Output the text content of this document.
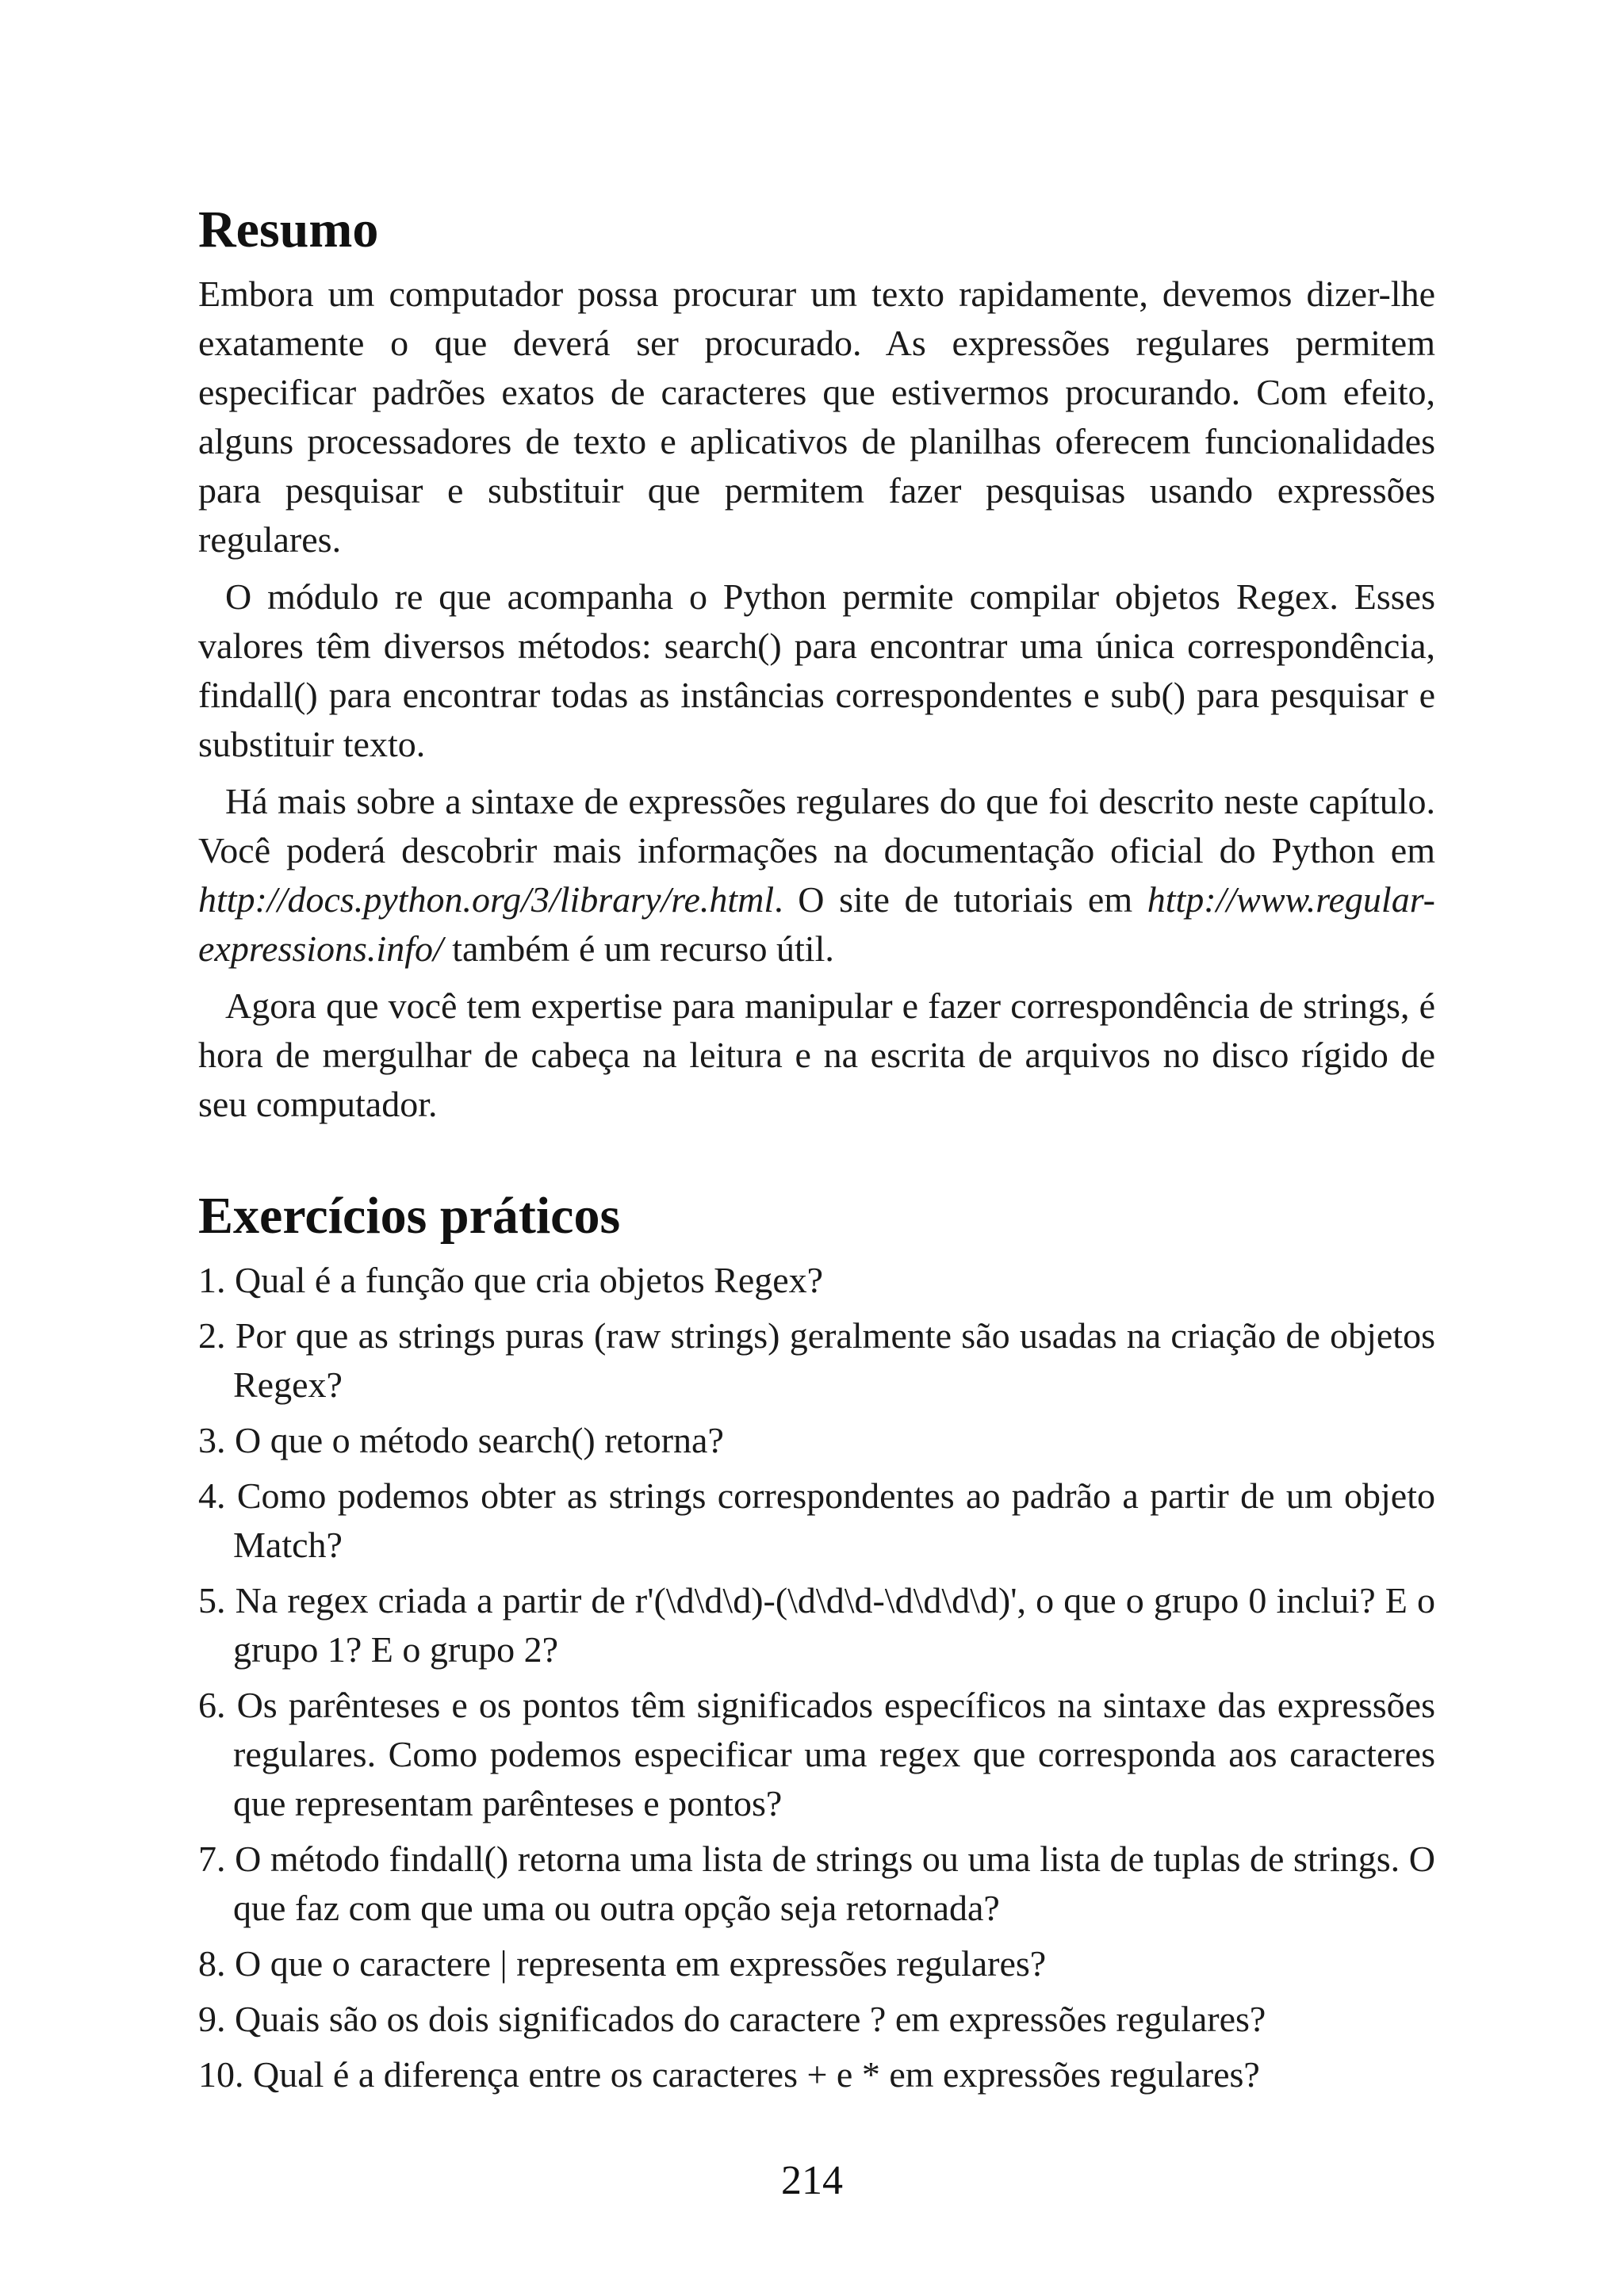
Resumo

Embora um computador possa procurar um texto rapidamente, devemos dizer-lhe exatamente o que deverá ser procurado. As expressões regulares permitem especificar padrões exatos de caracteres que estivermos procurando. Com efeito, alguns processadores de texto e aplicativos de planilhas oferecem funcionalidades para pesquisar e substituir que permitem fazer pesquisas usando expressões regulares.

O módulo re que acompanha o Python permite compilar objetos Regex. Esses valores têm diversos métodos: search() para encontrar uma única correspondência, findall() para encontrar todas as instâncias correspondentes e sub() para pesquisar e substituir texto.

Há mais sobre a sintaxe de expressões regulares do que foi descrito neste capítulo. Você poderá descobrir mais informações na documentação oficial do Python em http://docs.python.org/3/library/re.html. O site de tutoriais em http://www.regular-expressions.info/ também é um recurso útil.

Agora que você tem expertise para manipular e fazer correspondência de strings, é hora de mergulhar de cabeça na leitura e na escrita de arquivos no disco rígido de seu computador.

Exercícios práticos
1. Qual é a função que cria objetos Regex?
2. Por que as strings puras (raw strings) geralmente são usadas na criação de objetos Regex?
3. O que o método search() retorna?
4. Como podemos obter as strings correspondentes ao padrão a partir de um objeto Match?
5. Na regex criada a partir de r'(\d\d\d)-(\d\d\d-\d\d\d\d)', o que o grupo 0 inclui? E o grupo 1? E o grupo 2?
6. Os parênteses e os pontos têm significados específicos na sintaxe das expressões regulares. Como podemos especificar uma regex que corresponda aos caracteres que representam parênteses e pontos?
7. O método findall() retorna uma lista de strings ou uma lista de tuplas de strings. O que faz com que uma ou outra opção seja retornada?
8. O que o caractere | representa em expressões regulares?
9. Quais são os dois significados do caractere ? em expressões regulares?
10. Qual é a diferença entre os caracteres + e * em expressões regulares?
214
